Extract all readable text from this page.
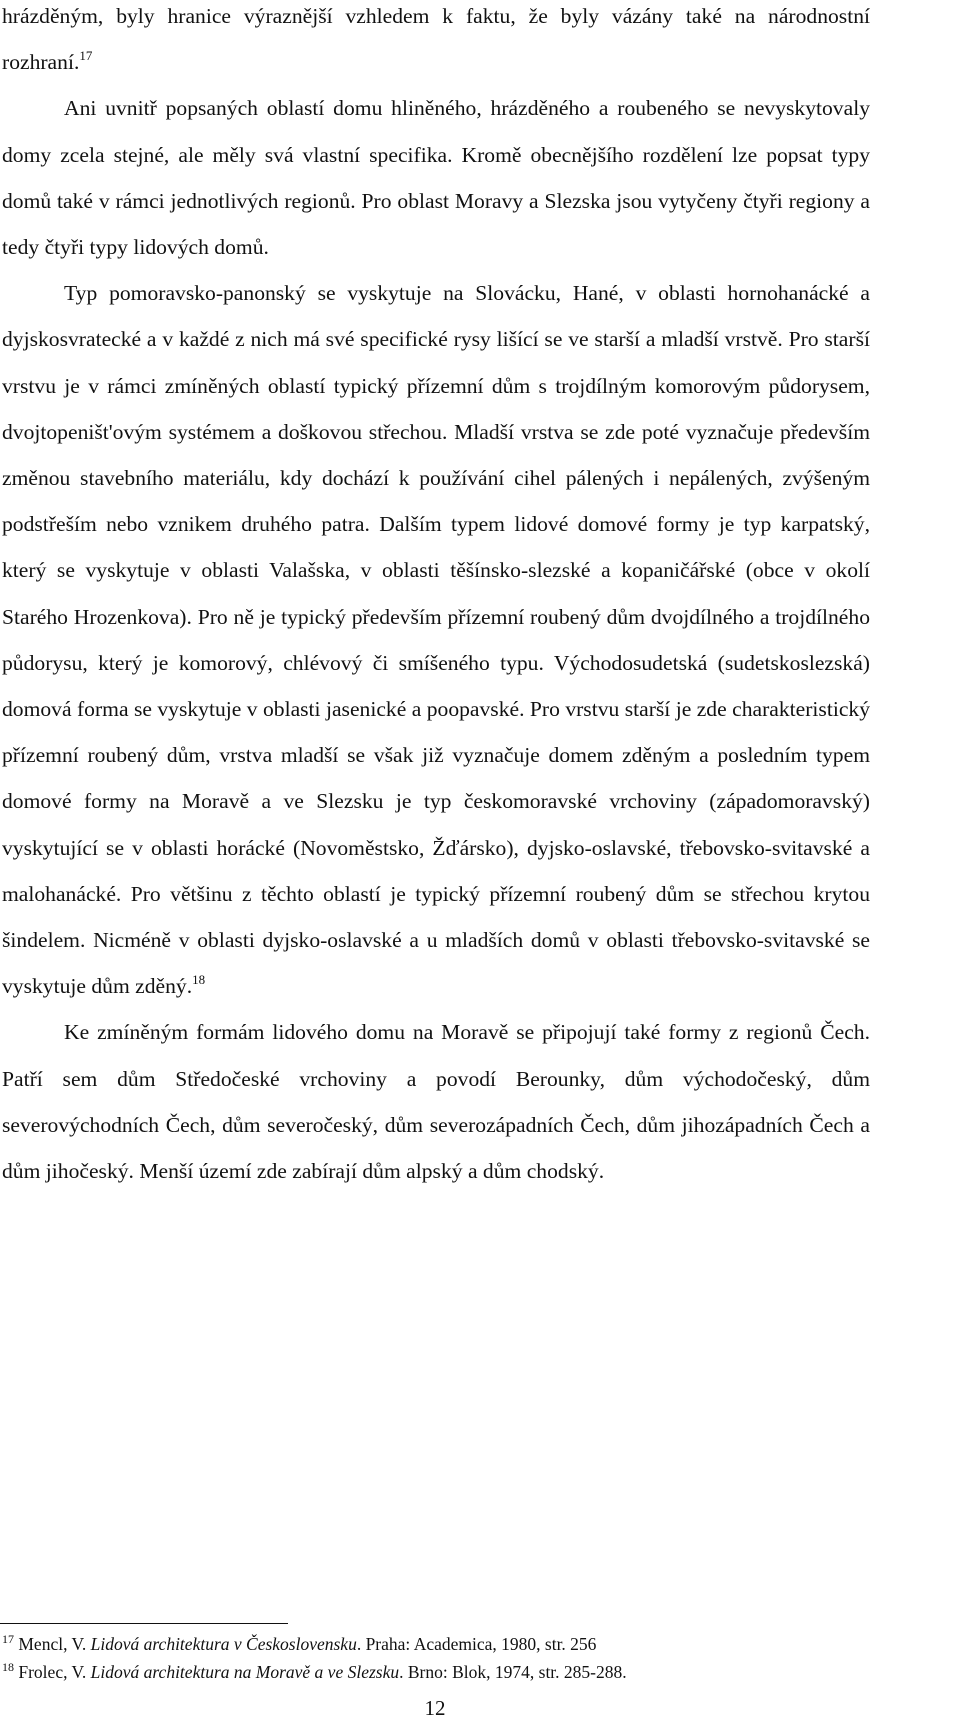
hrázděným, byly hranice výraznější vzhledem k faktu, že byly vázány také na národnostní rozhraní.$^{17}$

Ani uvnitř popsaných oblastí domu hliněného, hrázděného a roubeného se nevyskytovaly domy zcela stejné, ale měly svá vlastní specifika. Kromě obecnějšího rozdělení lze popsat typy domů také v rámci jednotlivých regionů. Pro oblast Moravy a Slezska jsou vytyčeny čtyři regiony a tedy čtyři typy lidových domů.

Typ pomoravsko-panonský se vyskytuje na Slovácku, Hané, v oblasti hornohanácké a dyjskosvratecké a v každé z nich má své specifické rysy lišící se ve starší a mladší vrstvě. Pro starší vrstvu je v rámci zmíněných oblastí typický přízemní dům s trojdílným komorovým půdorysem, dvojtopeništ'ovým systémem a doškovou střechou. Mladší vrstva se zde poté vyznačuje především změnou stavebního materiálu, kdy dochází k používání cihel pálených i nepálených, zvýšeným podstřeším nebo vznikem druhého patra. Dalším typem lidové domové formy je typ karpatský, který se vyskytuje v oblasti Valašska, v oblasti těšínsko-slezské a kopaničářské (obce v okolí Starého Hrozenkova). Pro ně je typický především přízemní roubený dům dvojdílného a trojdílného půdorysu, který je komorový, chlévový či smíšeného typu. Východosudetská (sudetskoslezská) domová forma se vyskytuje v oblasti jasenické a poopavské. Pro vrstvu starší je zde charakteristický přízemní roubený dům, vrstva mladší se však již vyznačuje domem zděným a posledním typem domové formy na Moravě a ve Slezsku je typ českomoravské vrchoviny (západomoravský) vyskytující se v oblasti horácké (Novoměstsko, Žďársko), dyjsko-oslavské, třebovsko-svitavské a malohanácké. Pro většinu z těchto oblastí je typický přízemní roubený dům se střechou krytou šindelem. Nicméně v oblasti dyjsko-oslavské a u mladších domů v oblasti třebovsko-svitavské se vyskytuje dům zděný.$^{18}$

Ke zmíněným formám lidového domu na Moravě se připojují také formy z regionů Čech. Patří sem dům Středočeské vrchoviny a povodí Berounky, dům východočeský, dům severovýchodních Čech, dům severočeský, dům severozápadních Čech, dům jihozápadních Čech a dům jihočeský. Menší území zde zabírají dům alpský a dům chodský.

$^{17}$ Mencl, V. Lidová architektura v Československu. Praha: Academica, 1980, str. 256
$^{18}$ Frolec, V. Lidová architektura na Moravě a ve Slezsku. Brno: Blok, 1974, str. 285-288.
12
